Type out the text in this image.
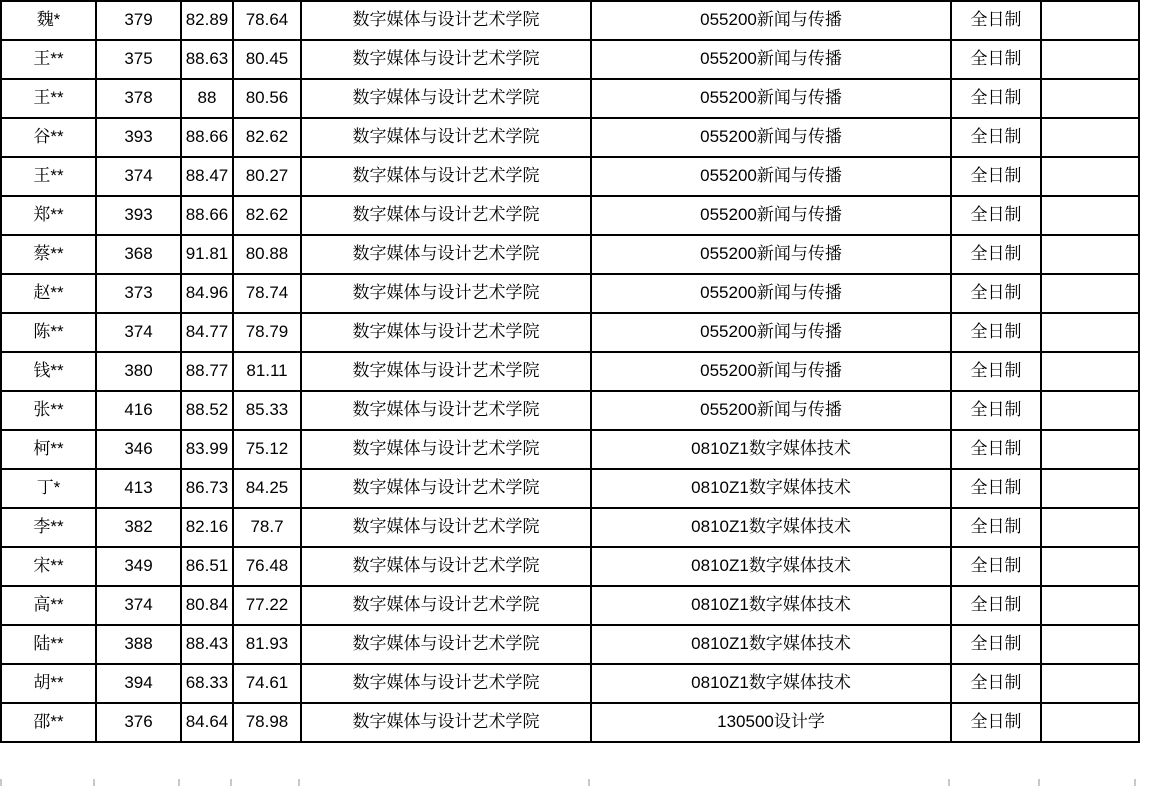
魏*	379	82.89	78.64	数字媒体与设计艺术学院	055200新闻与传播	全日制	
王**	375	88.63	80.45	数字媒体与设计艺术学院	055200新闻与传播	全日制	
王**	378	88	80.56	数字媒体与设计艺术学院	055200新闻与传播	全日制	
谷**	393	88.66	82.62	数字媒体与设计艺术学院	055200新闻与传播	全日制	
王**	374	88.47	80.27	数字媒体与设计艺术学院	055200新闻与传播	全日制	
郑**	393	88.66	82.62	数字媒体与设计艺术学院	055200新闻与传播	全日制	
蔡**	368	91.81	80.88	数字媒体与设计艺术学院	055200新闻与传播	全日制	
赵**	373	84.96	78.74	数字媒体与设计艺术学院	055200新闻与传播	全日制	
陈**	374	84.77	78.79	数字媒体与设计艺术学院	055200新闻与传播	全日制	
钱**	380	88.77	81.11	数字媒体与设计艺术学院	055200新闻与传播	全日制	
张**	416	88.52	85.33	数字媒体与设计艺术学院	055200新闻与传播	全日制	
柯**	346	83.99	75.12	数字媒体与设计艺术学院	0810Z1数字媒体技术	全日制	
丁*	413	86.73	84.25	数字媒体与设计艺术学院	0810Z1数字媒体技术	全日制	
李**	382	82.16	78.7	数字媒体与设计艺术学院	0810Z1数字媒体技术	全日制	
宋**	349	86.51	76.48	数字媒体与设计艺术学院	0810Z1数字媒体技术	全日制	
高**	374	80.84	77.22	数字媒体与设计艺术学院	0810Z1数字媒体技术	全日制	
陆**	388	88.43	81.93	数字媒体与设计艺术学院	0810Z1数字媒体技术	全日制	
胡**	394	68.33	74.61	数字媒体与设计艺术学院	0810Z1数字媒体技术	全日制	
邵**	376	84.64	78.98	数字媒体与设计艺术学院	130500设计学	全日制	
